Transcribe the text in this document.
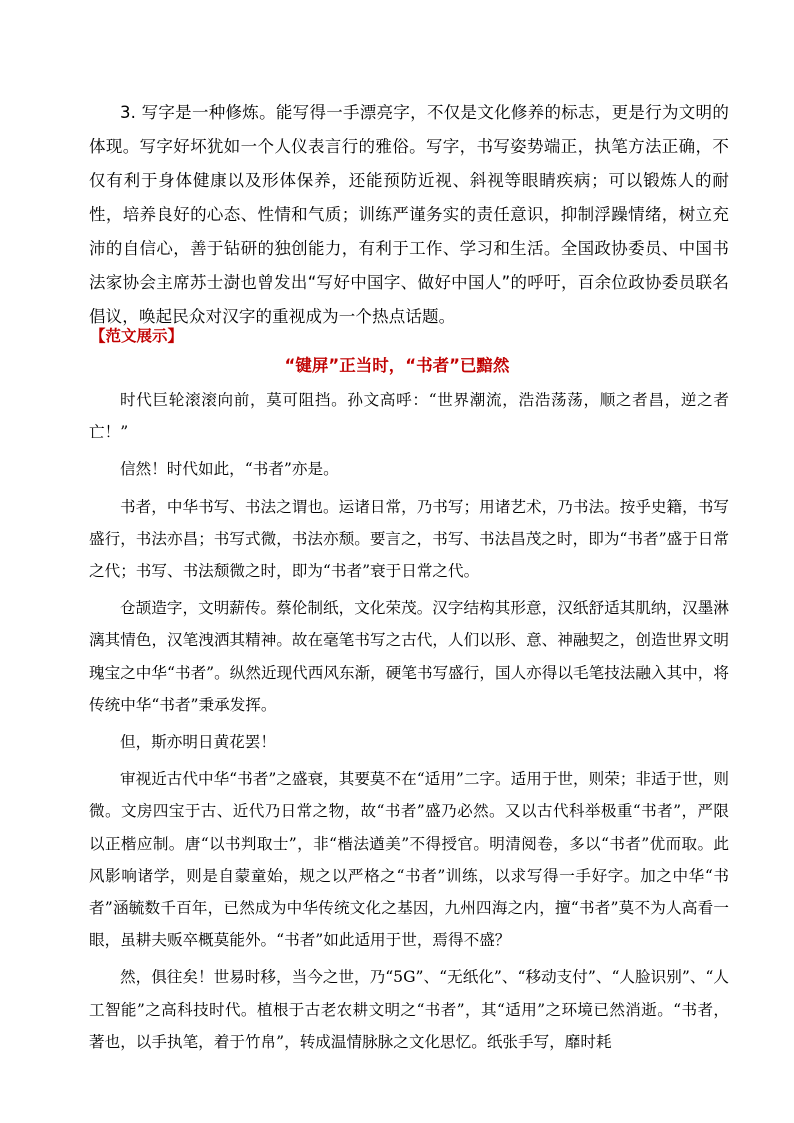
3. 写字是一种修炼。能写得一手漂亮字，不仅是文化修养的标志，更是行为文明的体现。写字好坏犹如一个人仪表言行的雅俗。写字，书写姿势端正，执笔方法正确，不仅有利于身体健康以及形体保养，还能预防近视、斜视等眼睛疾病；可以锻炼人的耐性，培养良好的心态、性情和气质；训练严谨务实的责任意识，抑制浮躁情绪，树立充沛的自信心，善于钻研的独创能力，有利于工作、学习和生活。全国政协委员、中国书法家协会主席苏士澍也曾发出“写好中国字、做好中国人”的呼吁，百余位政协委员联名倡议，唤起民众对汉字的重视成为一个热点话题。

【范文展示】

“键屏”正当时，“书者”已黯然

时代巨轮滚滚向前，莫可阻挡。孙文高呼：“世界潮流，浩浩荡荡，顺之者昌，逆之者亡！”

信然！时代如此，“书者”亦是。

书者，中华书写、书法之谓也。运诸日常，乃书写；用诸艺术，乃书法。按乎史籍，书写盛行，书法亦昌；书写式微，书法亦颓。要言之，书写、书法昌茂之时，即为“书者”盛于日常之代；书写、书法颓微之时，即为“书者”衰于日常之代。

仓颉造字，文明薪传。蔡伦制纸，文化荣茂。汉字结构其形意，汉纸舒适其肌纳，汉墨淋漓其情色，汉笔洩洒其精神。故在毫笔书写之古代，人们以形、意、神融契之，创造世界文明瑰宝之中华“书者”。纵然近现代西风东渐，硬笔书写盛行，国人亦得以毛笔技法融入其中，将传统中华“书者”秉承发挥。

但，斯亦明日黄花罢！

审视近古代中华“书者”之盛衰，其要莫不在“适用”二字。适用于世，则荣；非适于世，则微。文房四宝于古、近代乃日常之物，故“书者”盛乃必然。又以古代科举极重“书者”，严限以正楷应制。唐“以书判取士”，非“楷法遒美”不得授官。明清阅卷，多以“书者”优而取。此风影响诸学，则是自蒙童始，规之以严格之“书者”训练，以求写得一手好字。加之中华“书者”涵毓数千百年，已然成为中华传统文化之基因，九州四海之内，擅“书者”莫不为人高看一眼，虽耕夫贩卒概莫能外。“书者”如此适用于世，焉得不盛？

然，俱往矣！世易时移，当今之世，乃“5G”、“无纸化”、“移动支付”、“人脸识别”、“人工智能”之高科技时代。植根于古老农耕文明之“书者”，其“适用”之环境已然消逝。“书者，著也，以手执笔，着于竹帛”，转成温情脉脉之文化思忆。纸张手写，靡时耗
